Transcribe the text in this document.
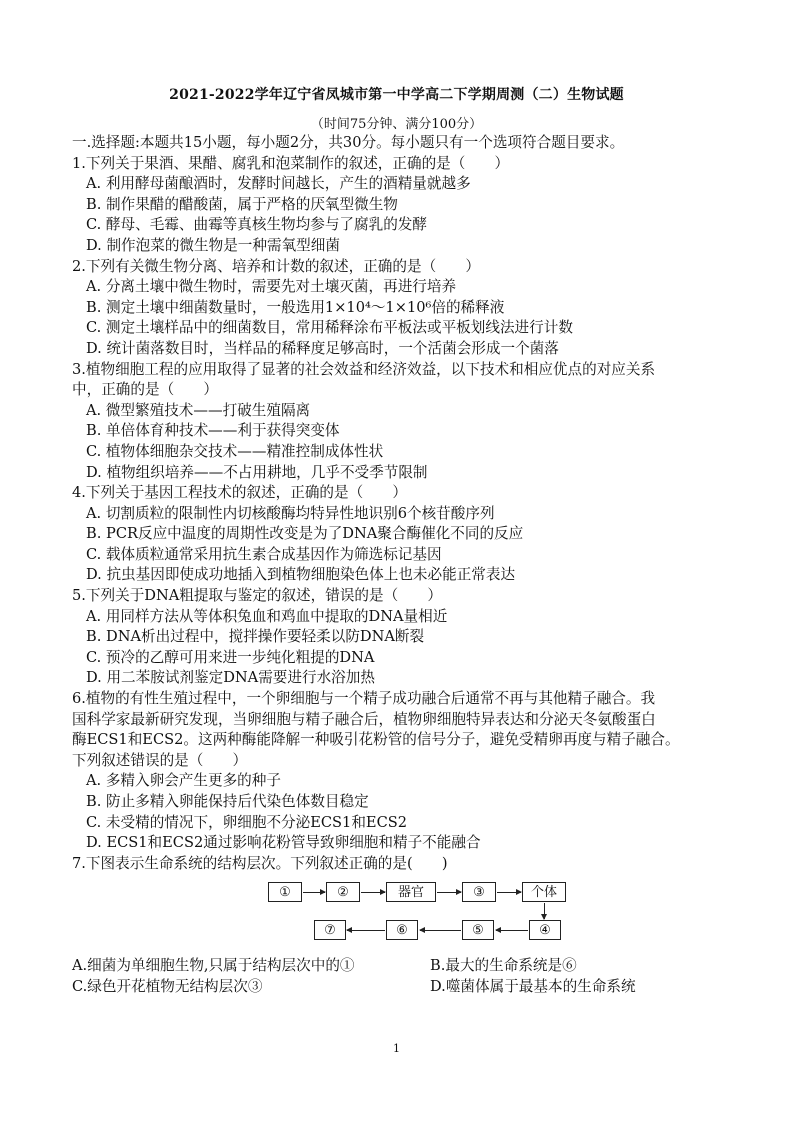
2021-2022学年辽宁省凤城市第一中学高二下学期周测（二）生物试题
（时间75分钟、满分100分）
一.选择题:本题共15小题，每小题2分，共30分。每小题只有一个选项符合题目要求。
1.下列关于果酒、果醋、腐乳和泡菜制作的叙述，正确的是（　　）
A. 利用酵母菌酿酒时，发酵时间越长，产生的酒精量就越多
B. 制作果醋的醋酸菌，属于严格的厌氧型微生物
C. 酵母、毛霉、曲霉等真核生物均参与了腐乳的发酵
D. 制作泡菜的微生物是一种需氧型细菌
2.下列有关微生物分离、培养和计数的叙述，正确的是（　　）
A. 分离土壤中微生物时，需要先对土壤灭菌，再进行培养
B. 测定土壤中细菌数量时，一般选用1×10⁴～1×10⁶倍的稀释液
C. 测定土壤样品中的细菌数目，常用稀释涂布平板法或平板划线法进行计数
D. 统计菌落数目时，当样品的稀释度足够高时，一个活菌会形成一个菌落
3.植物细胞工程的应用取得了显著的社会效益和经济效益，以下技术和相应优点的对应关系
中，正确的是（　　）
A. 微型繁殖技术——打破生殖隔离
B. 单倍体育种技术——利于获得突变体
C. 植物体细胞杂交技术——精准控制成体性状
D. 植物组织培养——不占用耕地，几乎不受季节限制
4.下列关于基因工程技术的叙述，正确的是（　　）
A. 切割质粒的限制性内切核酸酶均特异性地识别6个核苷酸序列
B. PCR反应中温度的周期性改变是为了DNA聚合酶催化不同的反应
C. 载体质粒通常采用抗生素合成基因作为筛选标记基因
D. 抗虫基因即使成功地插入到植物细胞染色体上也未必能正常表达
5.下列关于DNA粗提取与鉴定的叙述，错误的是（　　）
A. 用同样方法从等体积兔血和鸡血中提取的DNA量相近
B. DNA析出过程中，搅拌操作要轻柔以防DNA断裂
C. 预冷的乙醇可用来进一步纯化粗提的DNA
D. 用二苯胺试剂鉴定DNA需要进行水浴加热
6.植物的有性生殖过程中，一个卵细胞与一个精子成功融合后通常不再与其他精子融合。我
国科学家最新研究发现，当卵细胞与精子融合后，植物卵细胞特异表达和分泌天冬氨酸蛋白
酶ECS1和ECS2。这两种酶能降解一种吸引花粉管的信号分子，避免受精卵再度与精子融合。
下列叙述错误的是（　　）
A. 多精入卵会产生更多的种子
B. 防止多精入卵能保持后代染色体数目稳定
C. 未受精的情况下，卵细胞不分泌ECS1和ECS2
D. ECS1和ECS2通过影响花粉管导致卵细胞和精子不能融合
7.下图表示生命系统的结构层次。下列叙述正确的是(　　)
①	②	器官	③	个体
④
⑤
⑥
⑦
A.细菌为单细胞生物,只属于结构层次中的①	B.最大的生命系统是⑥
C.绿色开花植物无结构层次③	D.噬菌体属于最基本的生命系统
1
